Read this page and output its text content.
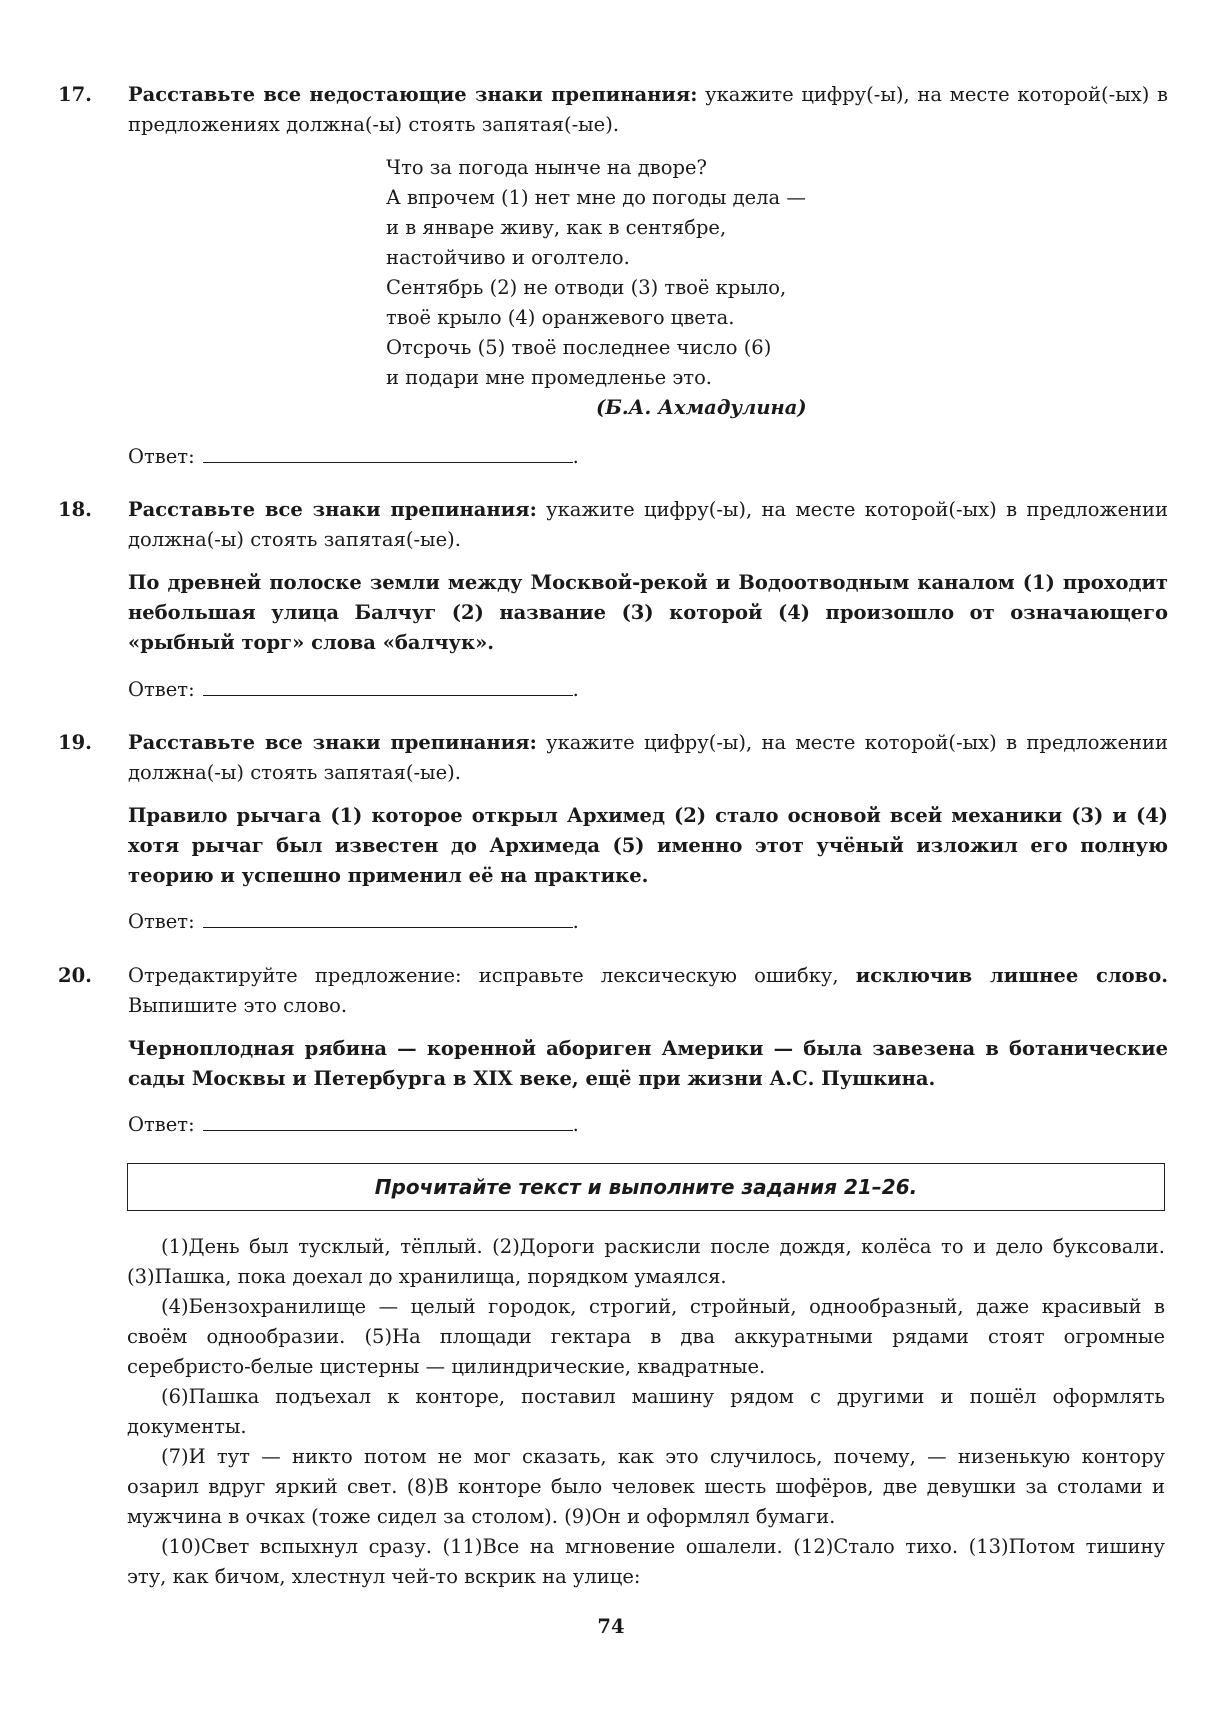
17. Расставьте все недостающие знаки препинания: укажите цифру(-ы), на месте которой(-ых) в предложениях должна(-ы) стоять запятая(-ые).

Что за погода нынче на дворе?
А впрочем (1) нет мне до погоды дела —
и в январе живу, как в сентябре,
настойчиво и оголтело.
Сентябрь (2) не отводи (3) твоё крыло,
твоё крыло (4) оранжевого цвета.
Отсрочь (5) твоё последнее число (6)
и подари мне промедленье это.
(Б.А. Ахмадулина)
Ответ:	.
18. Расставьте все знаки препинания: укажите цифру(-ы), на месте которой(-ых) в предложении должна(-ы) стоять запятая(-ые).

По древней полоске земли между Москвой-рекой и Водоотводным каналом (1) проходит небольшая улица Балчуг (2) название (3) которой (4) произошло от означающего «рыбный торг» слова «балчук».

Ответ:	.
19. Расставьте все знаки препинания: укажите цифру(-ы), на месте которой(-ых) в предложении должна(-ы) стоять запятая(-ые).

Правило рычага (1) которое открыл Архимед (2) стало основой всей механики (3) и (4) хотя рычаг был известен до Архимеда (5) именно этот учёный изложил его полную теорию и успешно применил её на практике.

Ответ:	.
20. Отредактируйте предложение: исправьте лексическую ошибку, исключив лишнее слово. Выпишите это слово.

Черноплодная рябина — коренной абориген Америки — была завезена в ботанические сады Москвы и Петербурга в XIX веке, ещё при жизни А.С. Пушкина.

Ответ:	.
Прочитайте текст и выполните задания 21–26.

(1)День был тусклый, тёплый. (2)Дороги раскисли после дождя, колёса то и дело буксовали. (3)Пашка, пока доехал до хранилища, порядком умаялся.

(4)Бензохранилище — целый городок, строгий, стройный, однообразный, даже красивый в своём однообразии. (5)На площади гектара в два аккуратными рядами стоят огромные серебристо-белые цистерны — цилиндрические, квадратные.

(6)Пашка подъехал к конторе, поставил машину рядом с другими и пошёл оформлять документы.

(7)И тут — никто потом не мог сказать, как это случилось, почему, — низенькую контору озарил вдруг яркий свет. (8)В конторе было человек шесть шофёров, две девушки за столами и мужчина в очках (тоже сидел за столом). (9)Он и оформлял бумаги.

(10)Свет вспыхнул сразу. (11)Все на мгновение ошалели. (12)Стало тихо. (13)Потом тишину эту, как бичом, хлестнул чей-то вскрик на улице:

74
